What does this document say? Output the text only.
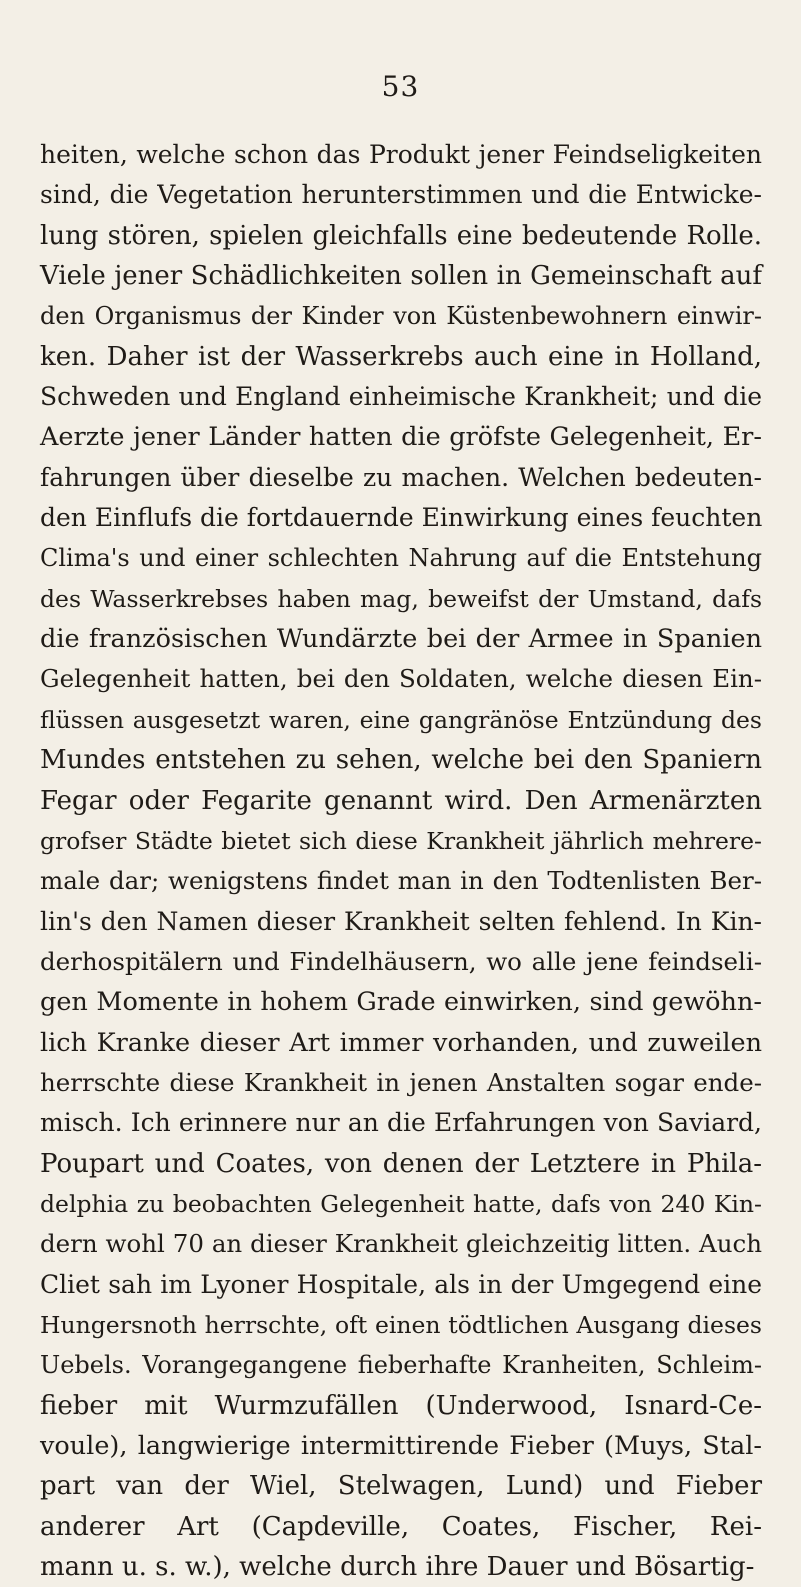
53
heiten, welche schon das Produkt jener Feindseligkeiten
sind, die Vegetation herunterstimmen und die Entwicke-
lung stören, spielen gleichfalls eine bedeutende Rolle.
Viele jener Schädlichkeiten sollen in Gemeinschaft auf
den Organismus der Kinder von Küstenbewohnern einwir-
ken. Daher ist der Wasserkrebs auch eine in Holland,
Schweden und England einheimische Krankheit; und die
Aerzte jener Länder hatten die gröfste Gelegenheit, Er-
fahrungen über dieselbe zu machen. Welchen bedeuten-
den Einflufs die fortdauernde Einwirkung eines feuchten
Clima's und einer schlechten Nahrung auf die Entstehung
des Wasserkrebses haben mag, beweifst der Umstand, dafs
die französischen Wundärzte bei der Armee in Spanien
Gelegenheit hatten, bei den Soldaten, welche diesen Ein-
flüssen ausgesetzt waren, eine gangränöse Entzündung des
Mundes entstehen zu sehen, welche bei den Spaniern
Fegar oder Fegarite genannt wird. Den Armenärzten
grofser Städte bietet sich diese Krankheit jährlich mehrere-
male dar; wenigstens findet man in den Todtenlisten Ber-
lin's den Namen dieser Krankheit selten fehlend. In Kin-
derhospitälern und Findelhäusern, wo alle jene feindseli-
gen Momente in hohem Grade einwirken, sind gewöhn-
lich Kranke dieser Art immer vorhanden, und zuweilen
herrschte diese Krankheit in jenen Anstalten sogar ende-
misch. Ich erinnere nur an die Erfahrungen von Saviard,
Poupart und Coates, von denen der Letztere in Phila-
delphia zu beobachten Gelegenheit hatte, dafs von 240 Kin-
dern wohl 70 an dieser Krankheit gleichzeitig litten. Auch
Cliet sah im Lyoner Hospitale, als in der Umgegend eine
Hungersnoth herrschte, oft einen tödtlichen Ausgang dieses
Uebels. Vorangegangene fieberhafte Kranheiten, Schleim-
fieber mit Wurmzufällen (Underwood, Isnard-Ce-
voule), langwierige intermittirende Fieber (Muys, Stal-
part van der Wiel, Stelwagen, Lund) und Fieber
anderer Art (Capdeville, Coates, Fischer, Rei-
mann u. s. w.), welche durch ihre Dauer und Bösartig-
